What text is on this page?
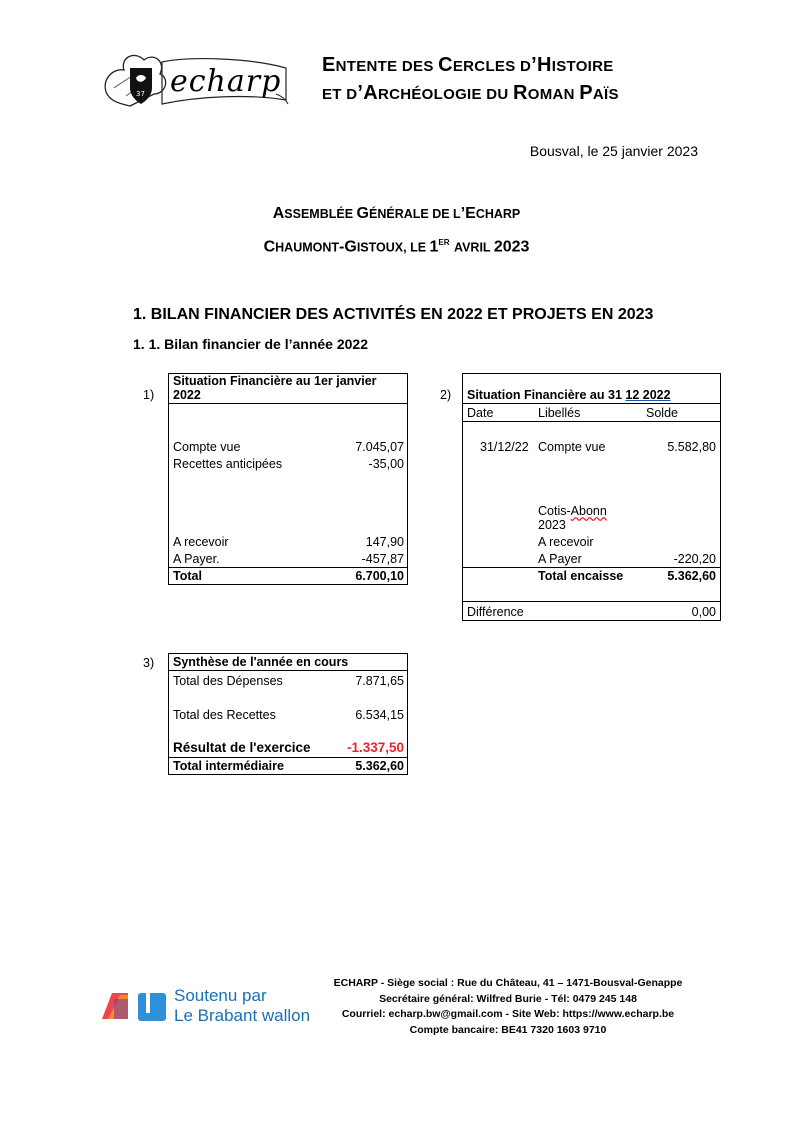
37 echarp ENTENTE DES CERCLES D’HISTOIRE
ET D’ARCHÉOLOGIE DU ROMAN PAÏS
Bousval, le 25 janvier 2023
ASSEMBLÉE GÉNÉRALE DE L’ECHARP
CHAUMONT-GISTOUX, LE 1ER AVRIL 2023
1. BILAN FINANCIER DES ACTIVITÉS EN 2022 ET PROJETS EN 2023
1. 1. Bilan financier de l’année 2022
1)
Situation Financière au 1er janvier
2022
Compte vue	7.045,07
Recettes anticipées	-35,00
A recevoir	147,90
A Payer.	-457,87
Total	6.700,10
2) Situation Financière au 31 12 2022
Date	Libellés	Solde
31/12/22 Compte vue	5.582,80
Cotis-Abonn
2023
A recevoir
A Payer	-220,20
Total encaisse	5.362,60
Différence	0,00
3) Synthèse de l'année en cours
Total des Dépenses	7.871,65
Total des Recettes	6.534,15
Résultat de l'exercice	-1.337,50
Total intermédiaire	5.362,60
Soutenu par
Le Brabant wallon
ECHARP - Siège social : Rue du Château, 41 – 1471-Bousval-Genappe
Secrétaire général: Wilfred Burie - Tél: 0479 245 148
Courriel: echarp.bw@gmail.com - Site Web: https://www.echarp.be
Compte bancaire: BE41 7320 1603 9710
